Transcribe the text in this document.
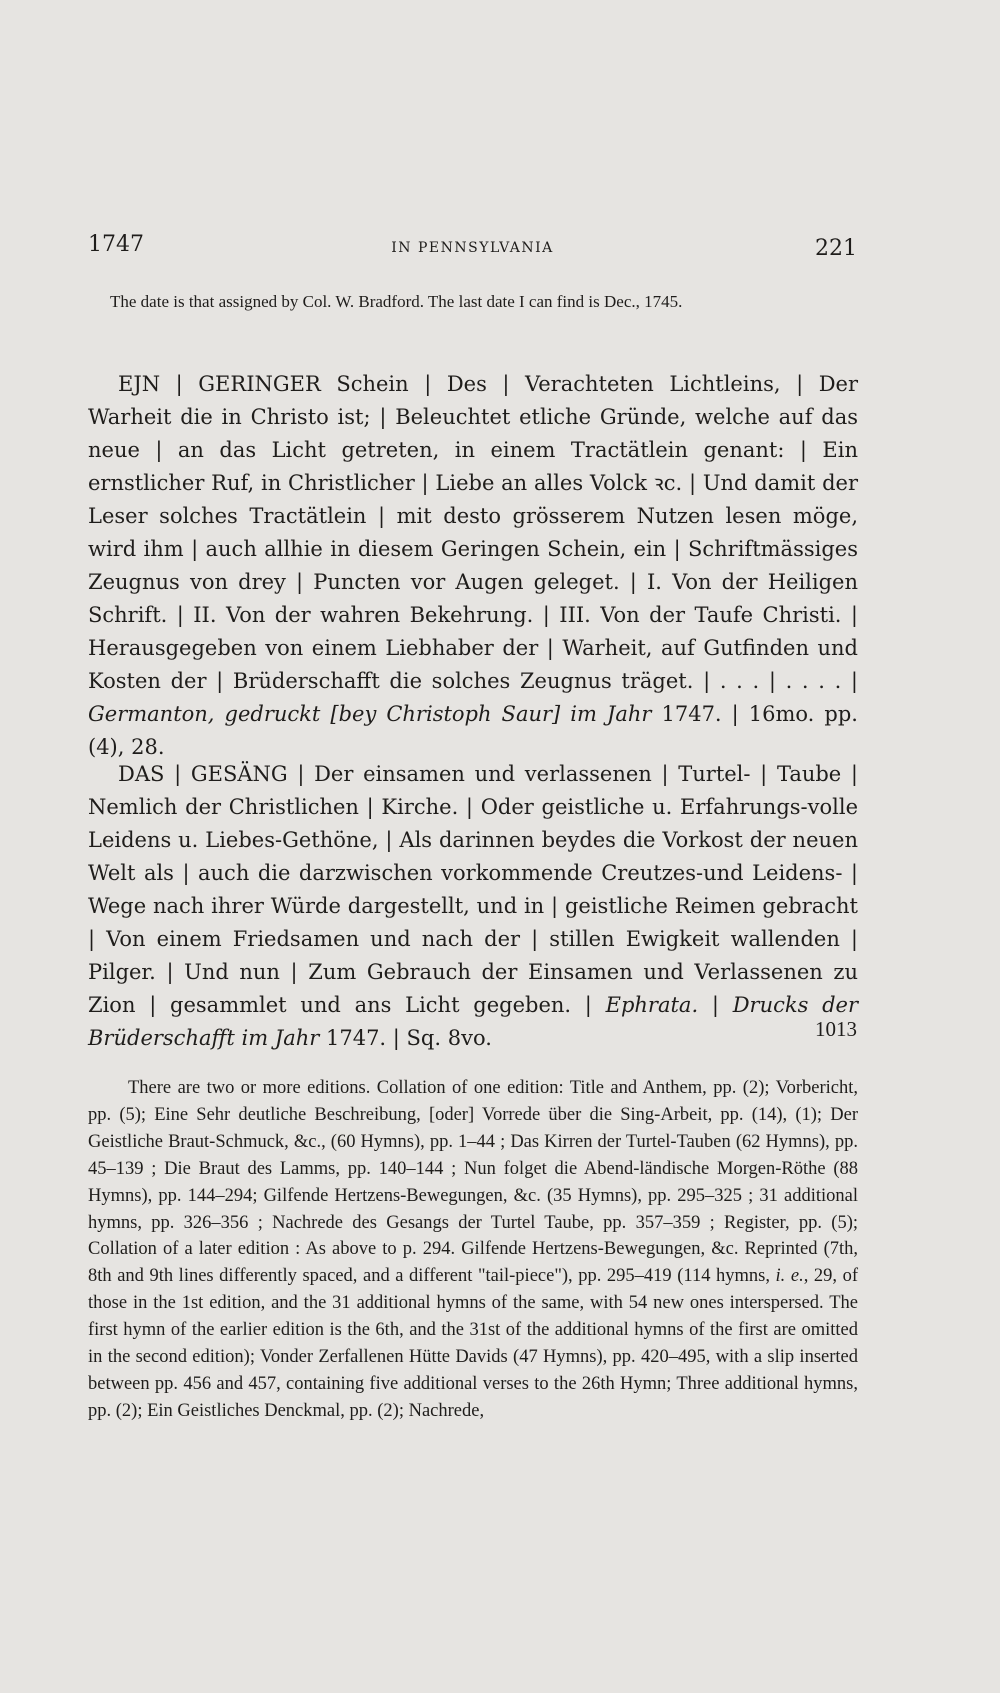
1747	IN PENNSYLVANIA	221

The date is that assigned by Col. W. Bradford. The last date I can find is Dec., 1745.

EJN | GERINGER Schein | Des | Verachteten Lichtleins, | Der Warheit die in Christo ist; | Beleuchtet etliche Gründe, welche auf das neue | an das Licht getreten, in einem Tractätlein genant: | Ein ernstlicher Ruf, in Christlicher | Liebe an alles Volck ꝛc. | Und damit der Leser solches Tractätlein | mit desto grösserem Nutzen lesen möge, wird ihm | auch allhie in diesem Geringen Schein, ein | Schriftmässiges Zeugnus von drey | Puncten vor Augen geleget. | I. Von der Heiligen Schrift. | II. Von der wahren Bekehrung. | III. Von der Taufe Christi. | Herausgegeben von einem Liebhaber der | Warheit, auf Gutfinden und Kosten der | Brüderschafft die solches Zeugnus träget. | . . . | . . . . | Germanton, gedruckt [bey Christoph Saur] im Jahr 1747. | 16mo. pp. (4), 28.

DAS | GESÄNG | Der einsamen und verlassenen | Turtel- | Taube | Nemlich der Christlichen | Kirche. | Oder geistliche u. Erfahrungs-volle Leidens u. Liebes-Gethöne, | Als darinnen beydes die Vorkost der neuen Welt als | auch die darzwischen vorkommende Creutzes-und Leidens- | Wege nach ihrer Würde dargestellt, und in | geistliche Reimen gebracht | Von einem Friedsamen und nach der | stillen Ewigkeit wallenden | Pilger. | Und nun | Zum Gebrauch der Einsamen und Verlassenen zu Zion | gesammlet und ans Licht gegeben. | Ephrata. | Drucks der Brüderschafft im Jahr 1747. | Sq. 8vo.	1013

There are two or more editions. Collation of one edition: Title and Anthem, pp. (2); Vorbericht, pp. (5); Eine Sehr deutliche Beschreibung, [oder] Vorrede über die Sing-Arbeit, pp. (14), (1); Der Geistliche Braut-Schmuck, &c., (60 Hymns), pp. 1–44 ; Das Kirren der Turtel-Tauben (62 Hymns), pp. 45–139 ; Die Braut des Lamms, pp. 140–144 ; Nun folget die Abend-ländische Morgen-Röthe (88 Hymns), pp. 144–294; Gilfende Hertzens-Bewegungen, &c. (35 Hymns), pp. 295–325 ; 31 additional hymns, pp. 326–356 ; Nachrede des Gesangs der Turtel Taube, pp. 357–359 ; Register, pp. (5); Collation of a later edition : As above to p. 294. Gilfende Hertzens-Bewegungen, &c. Reprinted (7th, 8th and 9th lines differently spaced, and a different "tail-piece"), pp. 295–419 (114 hymns, i. e., 29, of those in the 1st edition, and the 31 additional hymns of the same, with 54 new ones interspersed. The first hymn of the earlier edition is the 6th, and the 31st of the additional hymns of the first are omitted in the second edition); Vonder Zerfallenen Hütte Davids (47 Hymns), pp. 420–495, with a slip inserted between pp. 456 and 457, containing five additional verses to the 26th Hymn; Three additional hymns, pp. (2); Ein Geistliches Denckmal, pp. (2); Nachrede,
